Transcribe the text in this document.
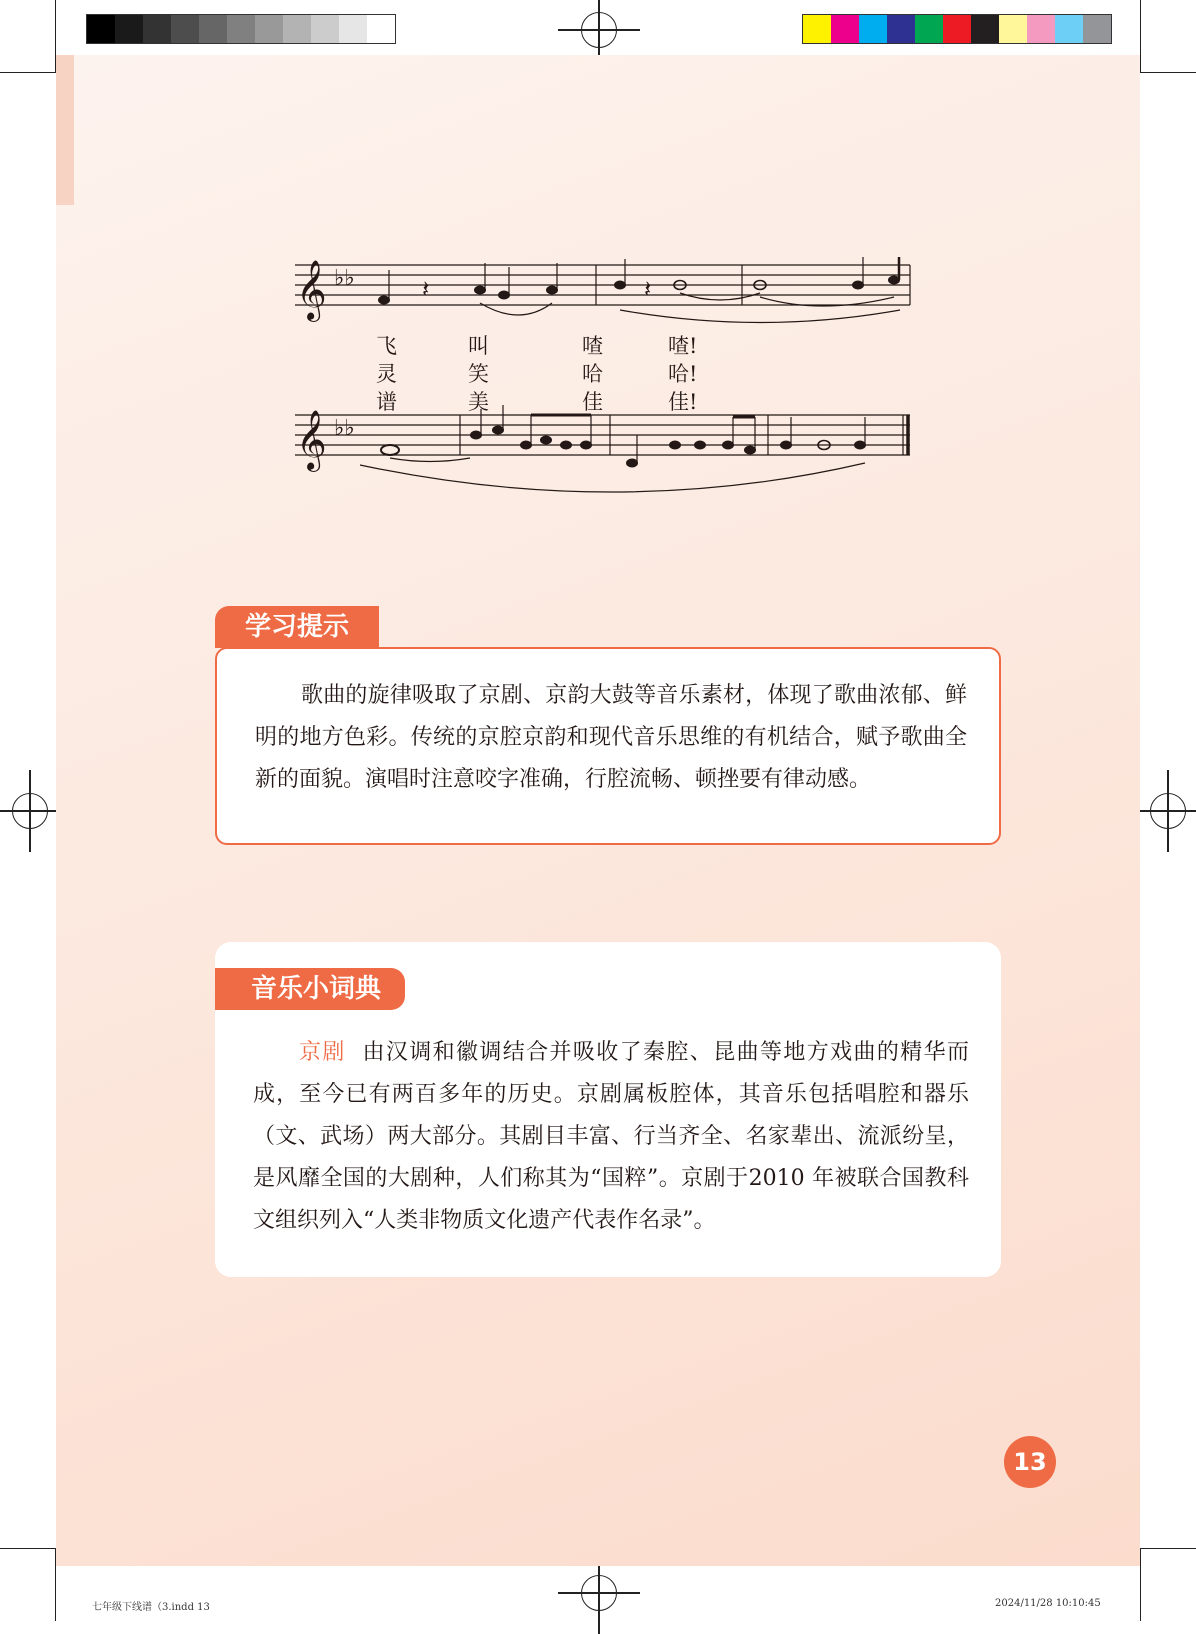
𝄞 ♭♭	𝄽	𝄽
𝄞 ♭♭
飞	叫	喳	喳!
灵	笑	哈	哈!
谱	美	佳	佳!
学习提示
歌曲的旋律吸取了京剧、京韵大鼓等音乐素材，体现了歌曲浓郁、鲜明的地方色彩。传统的京腔京韵和现代音乐思维的有机结合，赋予歌曲全新的面貌。演唱时注意咬字准确，行腔流畅、顿挫要有律动感。
音乐小词典
京剧 由汉调和徽调结合并吸收了秦腔、昆曲等地方戏曲的精华而成，至今已有两百多年的历史。京剧属板腔体，其音乐包括唱腔和器乐（文、武场）两大部分。其剧目丰富、行当齐全、名家辈出、流派纷呈，是风靡全国的大剧种，人们称其为“国粹”。京剧于2010 年被联合国教科文组织列入“人类非物质文化遗产代表作名录”。
13
七年级下线谱（3.indd 13	2024/11/28 10:10:45
